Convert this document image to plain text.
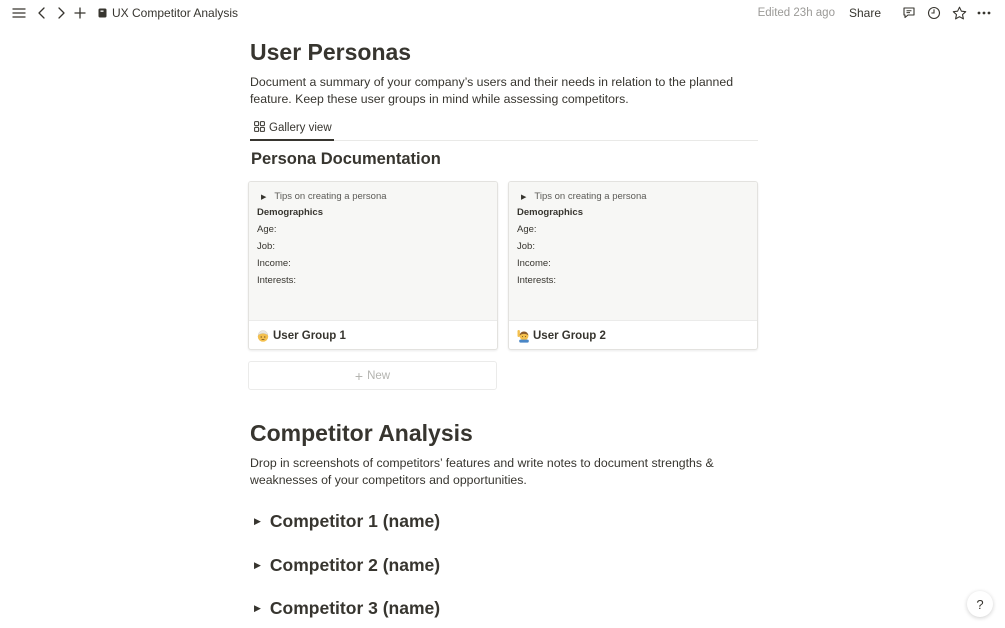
UX Competitor Analysis	Edited 23h ago Share
User Personas

Document a summary of your company’s users and their needs in relation to the planned feature. Keep these user groups in mind while assessing competitors.

Gallery view
Persona Documentation
▶ Tips on creating a persona
Demographics
Age:
Job:
Income:
Interests:
User Group 1
▶ Tips on creating a persona
Demographics
Age:
Job:
Income:
Interests:
User Group 2
+ New
Competitor Analysis

Drop in screenshots of competitors’ features and write notes to document strengths & weaknesses of your competitors and opportunities.

▶ Competitor 1 (name)
▶ Competitor 2 (name)
▶ Competitor 3 (name)	?
